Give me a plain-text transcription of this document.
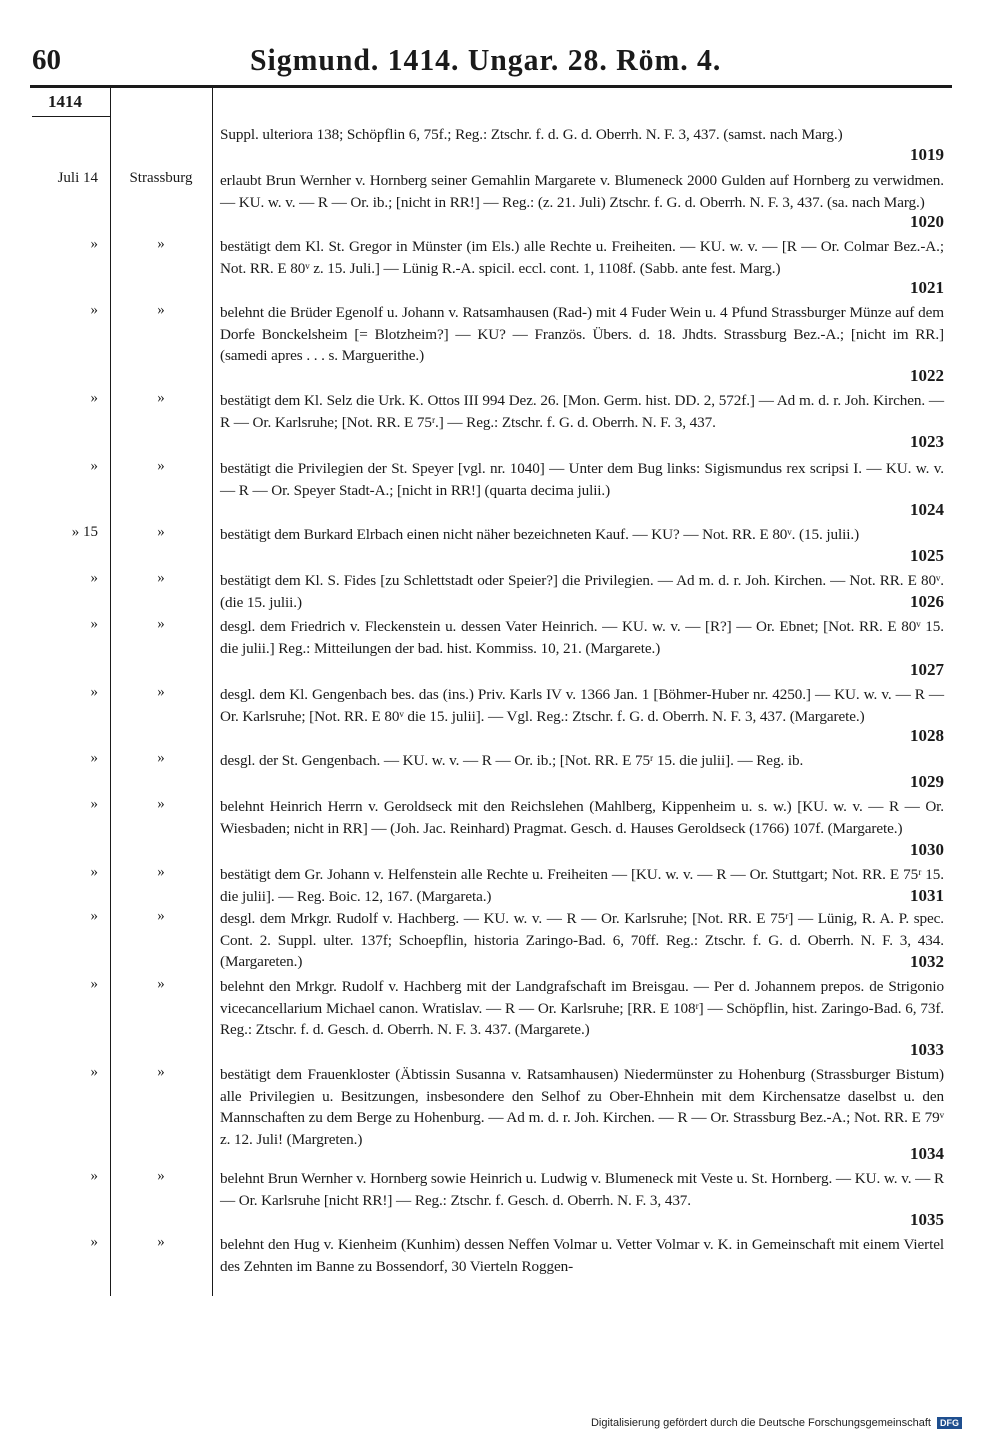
60	Sigmund. 1414. Ungar. 28. Röm. 4.
1414
Suppl. ulteriora 138; Schöpflin 6, 75f.; Reg.: Ztschr. f. d. G. d. Oberrh. N. F. 3, 437. (samst. nach Marg.)
1019
Juli 14	Strassburg	erlaubt Brun Wernher v. Hornberg seiner Gemahlin Margarete v. Blumeneck 2000 Gulden auf Hornberg zu verwidmen. — KU. w. v. — R — Or. ib.; [nicht in RR!] — Reg.: (z. 21. Juli) Ztschr. f. G. d. Oberrh. N. F. 3, 437. (sa. nach Marg.)
1020
»	»	bestätigt dem Kl. St. Gregor in Münster (im Els.) alle Rechte u. Freiheiten. — KU. w. v. — [R — Or. Colmar Bez.-A.; Not. RR. E 80ᵛ z. 15. Juli.] — Lünig R.-A. spicil. eccl. cont. 1, 1108f. (Sabb. ante fest. Marg.)
1021
»	»	belehnt die Brüder Egenolf u. Johann v. Ratsamhausen (Rad-) mit 4 Fuder Wein u. 4 Pfund Strassburger Münze auf dem Dorfe Bonckelsheim [= Blotzheim?] — KU? — Französ. Übers. d. 18. Jhdts. Strassburg Bez.-A.; [nicht im RR.] (samedi apres . . . s. Marguerithe.)
1022
»	»	bestätigt dem Kl. Selz die Urk. K. Ottos III 994 Dez. 26. [Mon. Germ. hist. DD. 2, 572f.] — Ad m. d. r. Joh. Kirchen. — R — Or. Karlsruhe; [Not. RR. E 75ʳ.] — Reg.: Ztschr. f. G. d. Oberrh. N. F. 3, 437.
1023
»	»	bestätigt die Privilegien der St. Speyer [vgl. nr. 1040] — Unter dem Bug links: Sigismundus rex scripsi I. — KU. w. v. — R — Or. Speyer Stadt-A.; [nicht in RR!] (quarta decima julii.)
1024
» 15	»	bestätigt dem Burkard Elrbach einen nicht näher bezeichneten Kauf. — KU? — Not. RR. E 80ᵛ. (15. julii.)
1025
»	»	bestätigt dem Kl. S. Fides [zu Schlettstadt oder Speier?] die Privilegien. — Ad m. d. r. Joh. Kirchen. — Not. RR. E 80ᵛ. (die 15. julii.)	1026
»	»	desgl. dem Friedrich v. Fleckenstein u. dessen Vater Heinrich. — KU. w. v. — [R?] — Or. Ebnet; [Not. RR. E 80ᵛ 15. die julii.] Reg.: Mitteilungen der bad. hist. Kommiss. 10, 21. (Margarete.)
1027
»	»	desgl. dem Kl. Gengenbach bes. das (ins.) Priv. Karls IV v. 1366 Jan. 1 [Böhmer-Huber nr. 4250.] — KU. w. v. — R — Or. Karlsruhe; [Not. RR. E 80ᵛ die 15. julii]. — Vgl. Reg.: Ztschr. f. G. d. Oberrh. N. F. 3, 437. (Margarete.)
1028
»	»	desgl. der St. Gengenbach. — KU. w. v. — R — Or. ib.; [Not. RR. E 75ʳ 15. die julii]. — Reg. ib.
1029
»	»	belehnt Heinrich Herrn v. Geroldseck mit den Reichslehen (Mahlberg, Kippenheim u. s. w.) [KU. w. v. — R — Or. Wiesbaden; nicht in RR] — (Joh. Jac. Reinhard) Pragmat. Gesch. d. Hauses Geroldseck (1766) 107f. (Margarete.)
1030
»	»	bestätigt dem Gr. Johann v. Helfenstein alle Rechte u. Freiheiten — [KU. w. v. — R — Or. Stuttgart; Not. RR. E 75ʳ 15. die julii]. — Reg. Boic. 12, 167. (Margareta.)	1031
»	»	desgl. dem Mrkgr. Rudolf v. Hachberg. — KU. w. v. — R — Or. Karlsruhe; [Not. RR. E 75ʳ] — Lünig, R. A. P. spec. Cont. 2. Suppl. ulter. 137f; Schoepflin, historia Zaringo-Bad. 6, 70ff. Reg.: Ztschr. f. G. d. Oberrh. N. F. 3, 434. (Margareten.)	1032
»	»	belehnt den Mrkgr. Rudolf v. Hachberg mit der Landgrafschaft im Breisgau. — Per d. Johannem prepos. de Strigonio vicecancellarium Michael canon. Wratislav. — R — Or. Karlsruhe; [RR. E 108ʳ] — Schöpflin, hist. Zaringo-Bad. 6, 73f. Reg.: Ztschr. f. d. Gesch. d. Oberrh. N. F. 3. 437. (Margarete.)
1033
»	»	bestätigt dem Frauenkloster (Äbtissin Susanna v. Ratsamhausen) Niedermünster zu Hohenburg (Strassburger Bistum) alle Privilegien u. Besitzungen, insbesondere den Selhof zu Ober-Ehnhein mit dem Kirchensatze daselbst u. den Mannschaften zu dem Berge zu Hohenburg. — Ad m. d. r. Joh. Kirchen. — R — Or. Strassburg Bez.-A.; Not. RR. E 79ᵛ z. 12. Juli! (Margreten.)
1034
»	»	belehnt Brun Wernher v. Hornberg sowie Heinrich u. Ludwig v. Blumeneck mit Veste u. St. Hornberg. — KU. w. v. — R — Or. Karlsruhe [nicht RR!] — Reg.: Ztschr. f. Gesch. d. Oberrh. N. F. 3, 437.
1035
»	»	belehnt den Hug v. Kienheim (Kunhim) dessen Neffen Volmar u. Vetter Volmar v. K. in Gemeinschaft mit einem Viertel des Zehnten im Banne zu Bossendorf, 30 Vierteln Roggen-
Digitalisierung gefördert durch die Deutsche Forschungsgemeinschaft DFG
